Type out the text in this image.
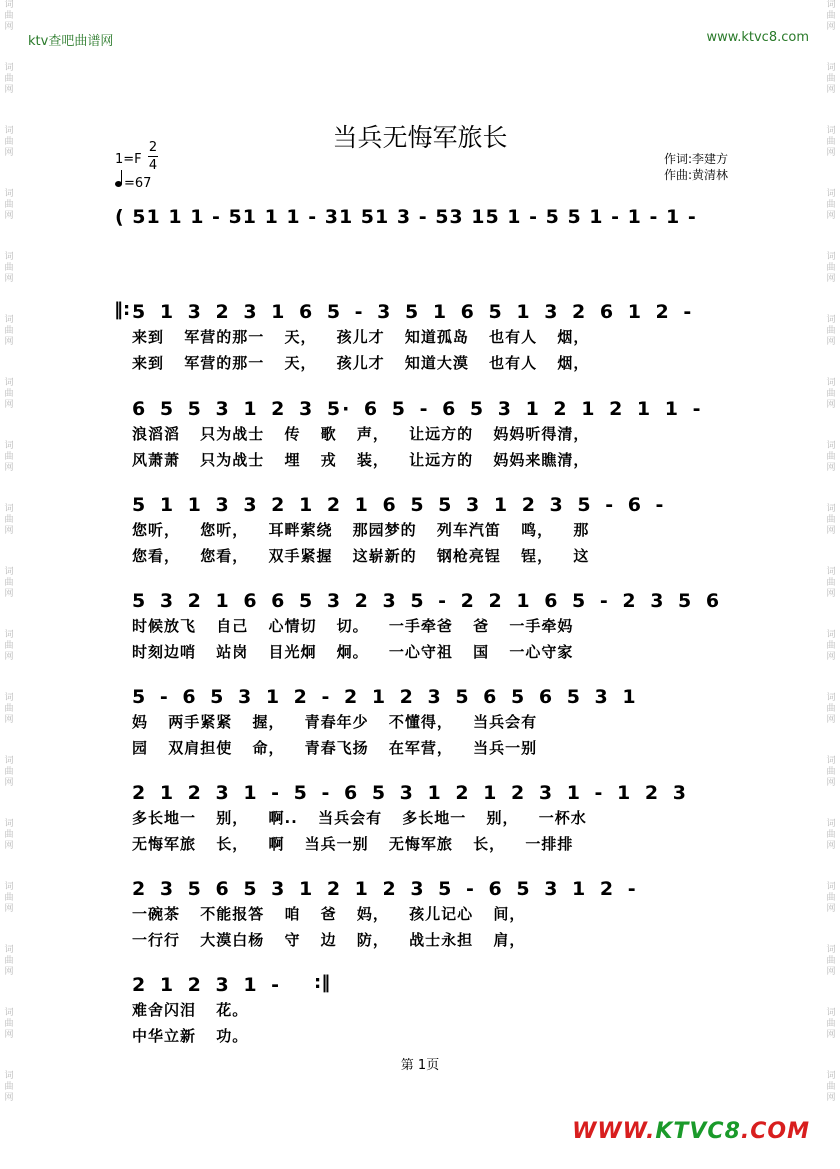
词
曲
网
词
曲
网
词
曲
网
词
曲
网
词
曲
网
词
曲
网
词
曲
网
词
曲
网
词
曲
网
词
曲
网
词
曲
网
词
曲
网
词
曲
网
词
曲
网
词
曲
网
词
曲
网
词
曲
网
词
曲
网
词
曲
网
词
曲
网
词
曲
网
词
曲
网
词
曲
网
词
曲
网
词
曲
网
词
曲
网
词
曲
网
词
曲
网
词
曲
网
词
曲
网
词
曲
网
词
曲
网
词
曲
网
词
曲
网
词
曲
网
词
曲
网
ktv查吧曲谱网	www.ktvc8.com
当兵无悔军旅长
1=F
2
4
=67
作词:李建方
作曲:黄清林
( 51 1 1 - 51 1 1 - 31 51 3 - 53 15 1 - 5 5 1 - 1 - 1 -
5 1 3 2 3 1 6 5 - 3 5 1 6 5 1 3 2 6 1 2 -
来到 军营的那一 天， 孩儿才 知道孤岛 也有人 烟，
来到 军营的那一 天， 孩儿才 知道大漠 也有人 烟，
‖:
6 5 5 3 1 2 3 5· 6 5 - 6 5 3 1 2 1 2 1 1 -
浪滔滔 只为战士 传 歌 声， 让远方的 妈妈听得清，
风萧萧 只为战士 埋 戎 装， 让远方的 妈妈来瞧清，
5 1 1 3 3 2 1 2 1 6 5 5 3 1 2 3 5 - 6 -
您听， 您听， 耳畔萦绕 那园梦的 列车汽笛 鸣， 那
您看， 您看， 双手紧握 这崭新的 钢枪亮锃 锃， 这
5 3 2 1 6 6 5 3 2 3 5 - 2 2 1 6 5 - 2 3 5 6
时候放飞 自己 心情切 切。 一手牵爸 爸 一手牵妈
时刻边哨 站岗 目光炯 炯。 一心守祖 国 一心守家
5 - 6 5 3 1 2 - 2 1 2 3 5 6 5 6 5 3 1
妈 两手紧紧 握， 青春年少 不懂得， 当兵会有
园 双肩担使 命， 青春飞扬 在军营， 当兵一别
2 1 2 3 1 - 5 - 6 5 3 1 2 1 2 3 1 - 1 2 3
多长地一 别， 啊.. 当兵会有 多长地一 别， 一杯水
无悔军旅 长， 啊 当兵一别 无悔军旅 长， 一排排
2 3 5 6 5 3 1 2 1 2 3 5 - 6 5 3 1 2 -
一碗茶 不能报答 咱 爸 妈， 孩儿记心 间，
一行行 大漠白杨 守 边 防， 战士永担 肩，
2 1 2 3 1 -
难舍闪泪 花。
中华立新 功。
:‖
第 1页
WWW.KTVC8.COM
